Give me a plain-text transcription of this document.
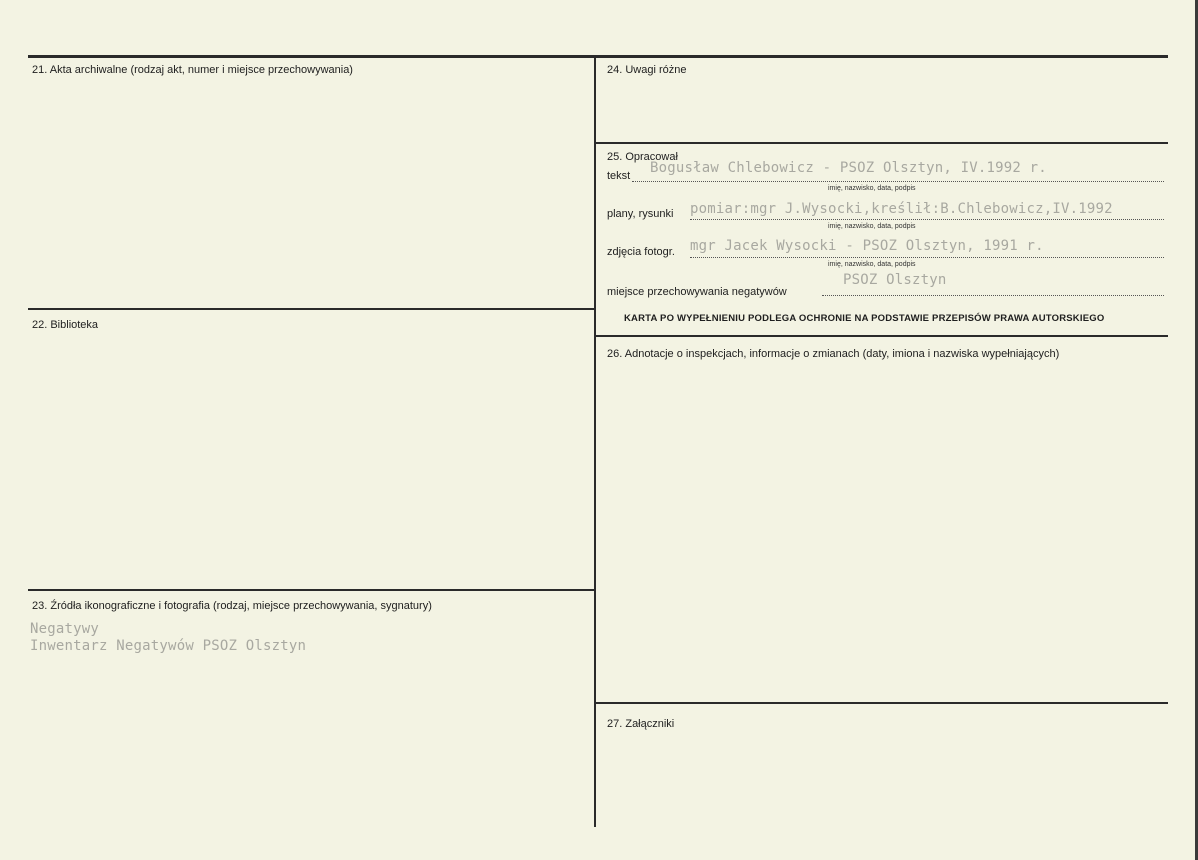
21. Akta archiwalne (rodzaj akt, numer i miejsce przechowywania)
22. Biblioteka
23. Źródła ikonograficzne i fotografia (rodzaj, miejsce przechowywania, sygnatury)
Negatywy
Inwentarz Negatywów PSOZ Olsztyn
24. Uwagi różne
25. Opracował
tekst Bogusław Chlebowicz - PSOZ Olsztyn, IV.1992 r.
imię, nazwisko, data, podpis
plany, rysunki pomiar:mgr J.Wysocki,kreślił:B.Chlebowicz,IV.1992
imię, nazwisko, data, podpis
zdjęcia fotogr. mgr Jacek Wysocki - PSOZ Olsztyn, 1991 r.
imię, nazwisko, data, podpis
miejsce przechowywania negatywów
PSOZ Olsztyn
KARTA PO WYPEŁNIENIU PODLEGA OCHRONIE NA PODSTAWIE PRZEPISÓW PRAWA AUTORSKIEGO
26. Adnotacje o inspekcjach, informacje o zmianach (daty, imiona i nazwiska wypełniających)
27. Załączniki
